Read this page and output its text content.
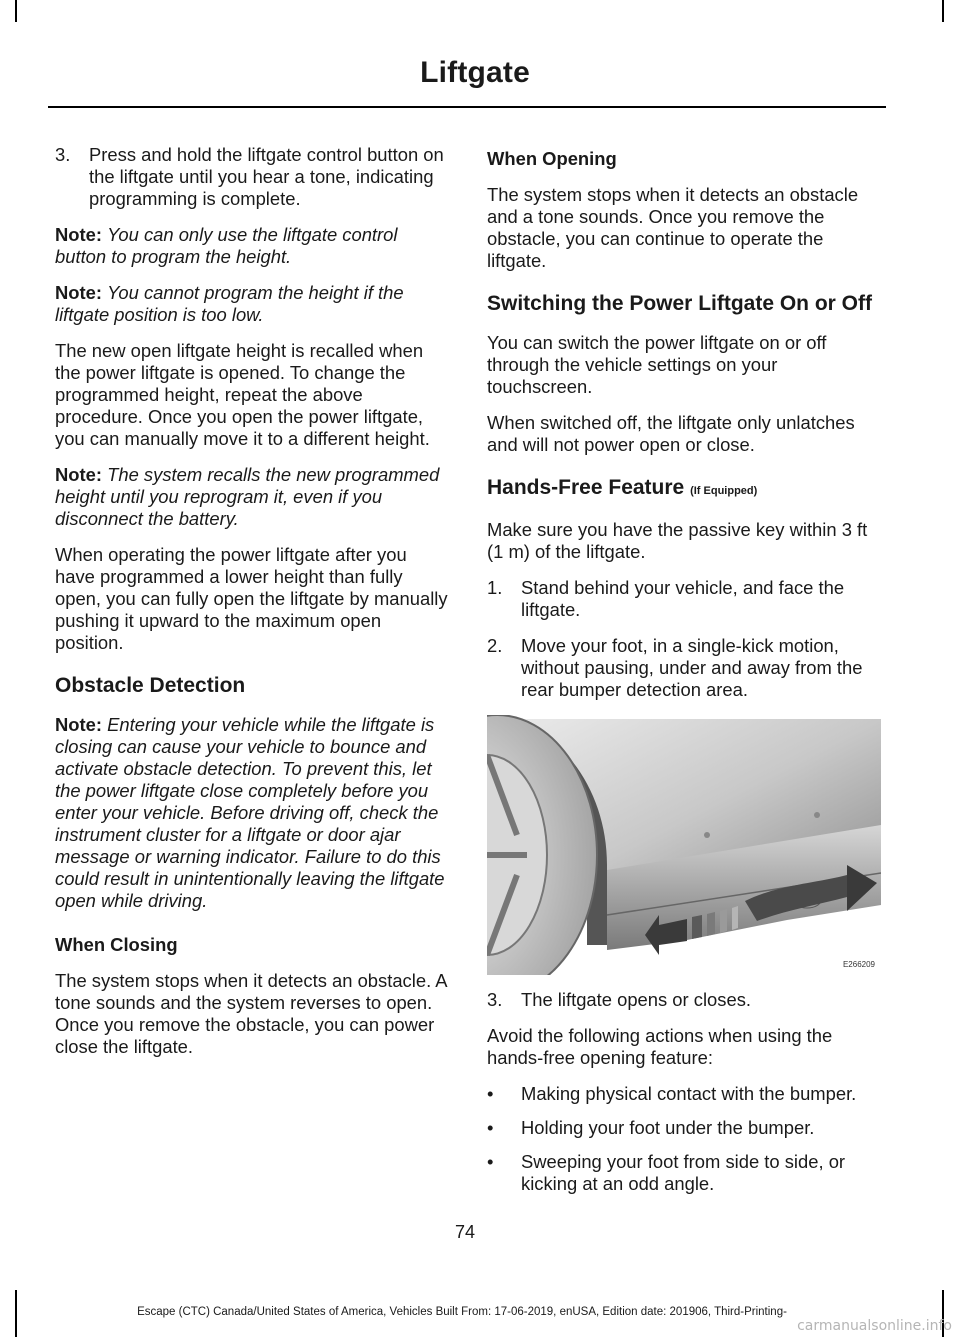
Liftgate
3.	Press and hold the liftgate control button on the liftgate until you hear a tone, indicating programming is complete.

Note: You can only use the liftgate control button to program the height.

Note: You cannot program the height if the liftgate position is too low.

The new open liftgate height is recalled when the power liftgate is opened. To change the programmed height, repeat the above procedure. Once you open the power liftgate, you can manually move it to a different height.

Note: The system recalls the new programmed height until you reprogram it, even if you disconnect the battery.

When operating the power liftgate after you have programmed a lower height than fully open, you can fully open the liftgate by manually pushing it upward to the maximum open position.

Obstacle Detection

Note: Entering your vehicle while the liftgate is closing can cause your vehicle to bounce and activate obstacle detection. To prevent this, let the power liftgate close completely before you enter your vehicle. Before driving off, check the instrument cluster for a liftgate or door ajar message or warning indicator. Failure to do this could result in unintentionally leaving the liftgate open while driving.

When Closing

The system stops when it detects an obstacle. A tone sounds and the system reverses to open. Once you remove the obstacle, you can power close the liftgate.

When Opening

The system stops when it detects an obstacle and a tone sounds. Once you remove the obstacle, you can continue to operate the liftgate.

Switching the Power Liftgate On or Off

You can switch the power liftgate on or off through the vehicle settings on your touchscreen.

When switched off, the liftgate only unlatches and will not power open or close.

Hands-Free Feature (If Equipped)

Make sure you have the passive key within 3 ft (1 m) of the liftgate.

1.	Stand behind your vehicle, and face the liftgate.
2.	Move your foot, in a single-kick motion, without pausing, under and away from the rear bumper detection area.
E266209
3.	The liftgate opens or closes.

Avoid the following actions when using the hands-free opening feature:

•	Making physical contact with the bumper.
•	Holding your foot under the bumper.
•	Sweeping your foot from side to side, or kicking at an odd angle.
74
Escape (CTC) Canada/United States of America, Vehicles Built From: 17-06-2019, enUSA, Edition date: 201906, Third-Printing-
carmanualsonline.info
